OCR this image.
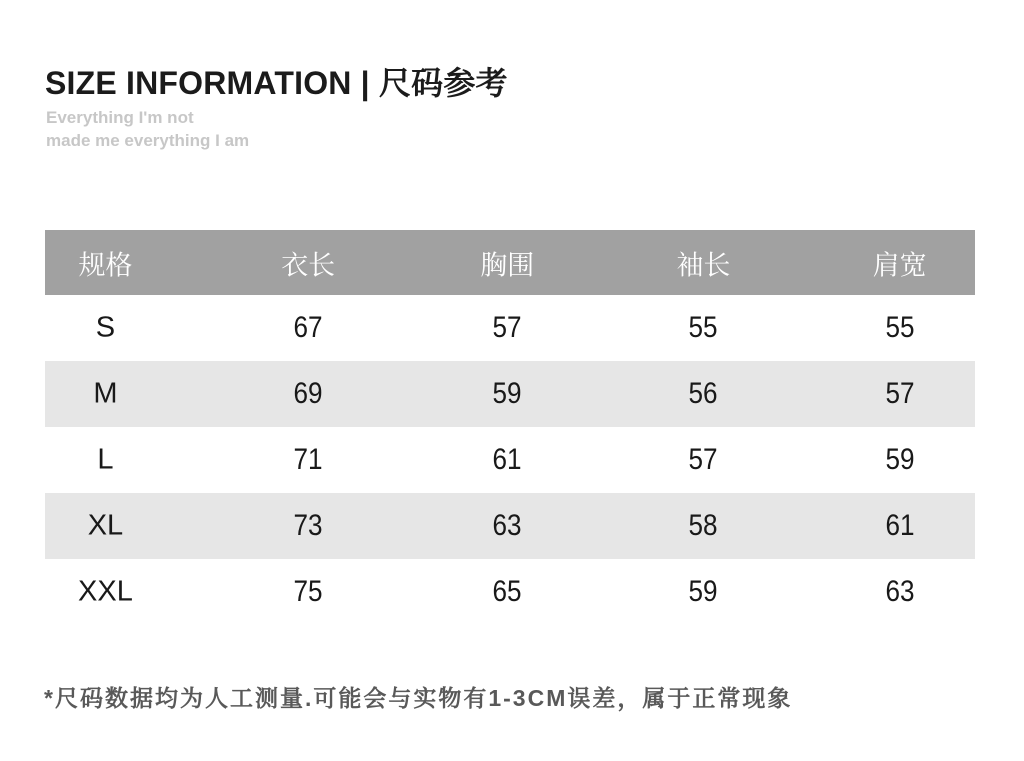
SIZE INFORMATION | 尺码参考
Everything I'm not
made me everything I am
规格	衣长	胸围	袖长	肩宽
S	67	57	55	55
M	69	59	56	57
L	71	61	57	59
XL	73	63	58	61
XXL	75	65	59	63
*尺码数据均为人工测量.可能会与实物有1-3CM误差，属于正常现象
